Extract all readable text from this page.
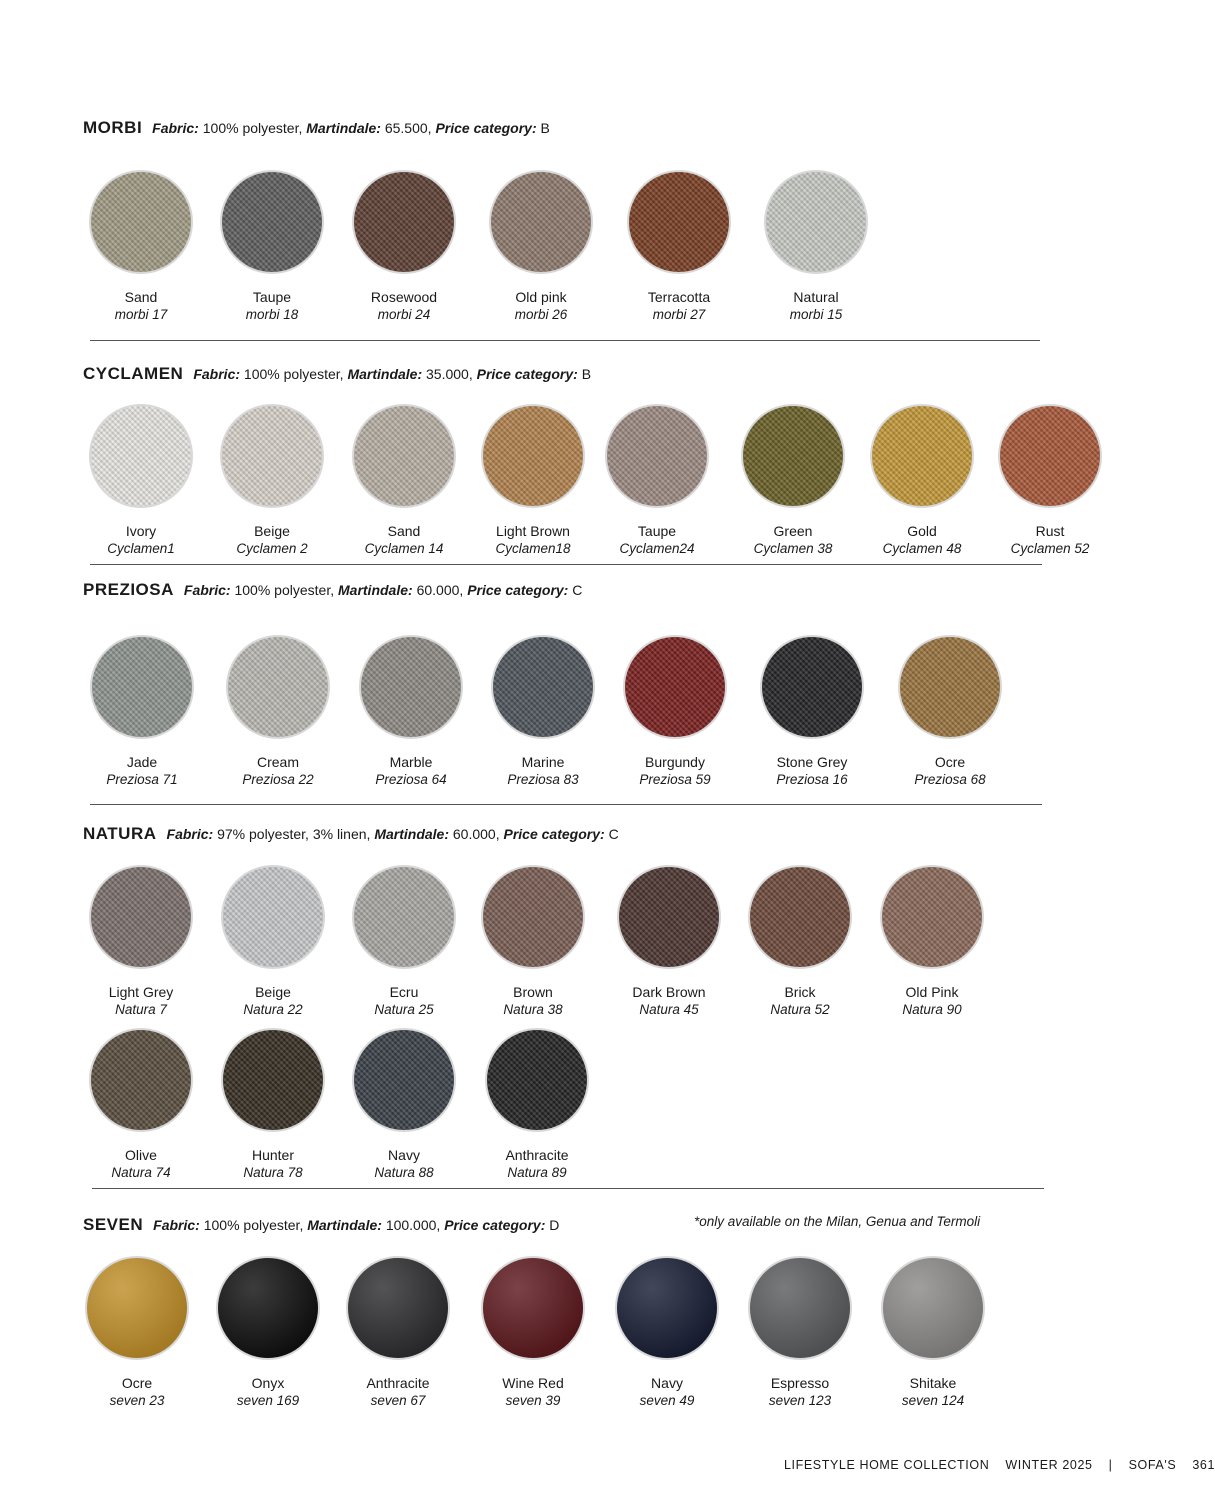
MORBI Fabric: 100% polyester, Martindale: 65.500, Price category: B
Sand
morbi 17
Taupe
morbi 18
Rosewood
morbi 24
Old pink
morbi 26
Terracotta
morbi 27
Natural
morbi 15
CYCLAMEN Fabric: 100% polyester, Martindale: 35.000, Price category: B
Ivory
Cyclamen1
Beige
Cyclamen 2
Sand
Cyclamen 14
Light Brown
Cyclamen18
Taupe
Cyclamen24
Green
Cyclamen 38
Gold
Cyclamen 48
Rust
Cyclamen 52
PREZIOSA Fabric: 100% polyester, Martindale: 60.000, Price category: C
Jade
Preziosa 71
Cream
Preziosa 22
Marble
Preziosa 64
Marine
Preziosa 83
Burgundy
Preziosa 59
Stone Grey
Preziosa 16
Ocre
Preziosa 68
NATURA Fabric: 97% polyester, 3% linen, Martindale: 60.000, Price category: C
Light Grey
Natura 7
Beige
Natura 22
Ecru
Natura 25
Brown
Natura 38
Dark Brown
Natura 45
Brick
Natura 52
Old Pink
Natura 90
Olive
Natura 74
Hunter
Natura 78
Navy
Natura 88
Anthracite
Natura 89
SEVEN Fabric: 100% polyester, Martindale: 100.000, Price category: D	*only available on the Milan, Genua and Termoli
Ocre
seven 23
Onyx
seven 169
Anthracite
seven 67
Wine Red
seven 39
Navy
seven 49
Espresso
seven 123
Shitake
seven 124
LIFESTYLE HOME COLLECTION WINTER 2025 | SOFA'S 361
